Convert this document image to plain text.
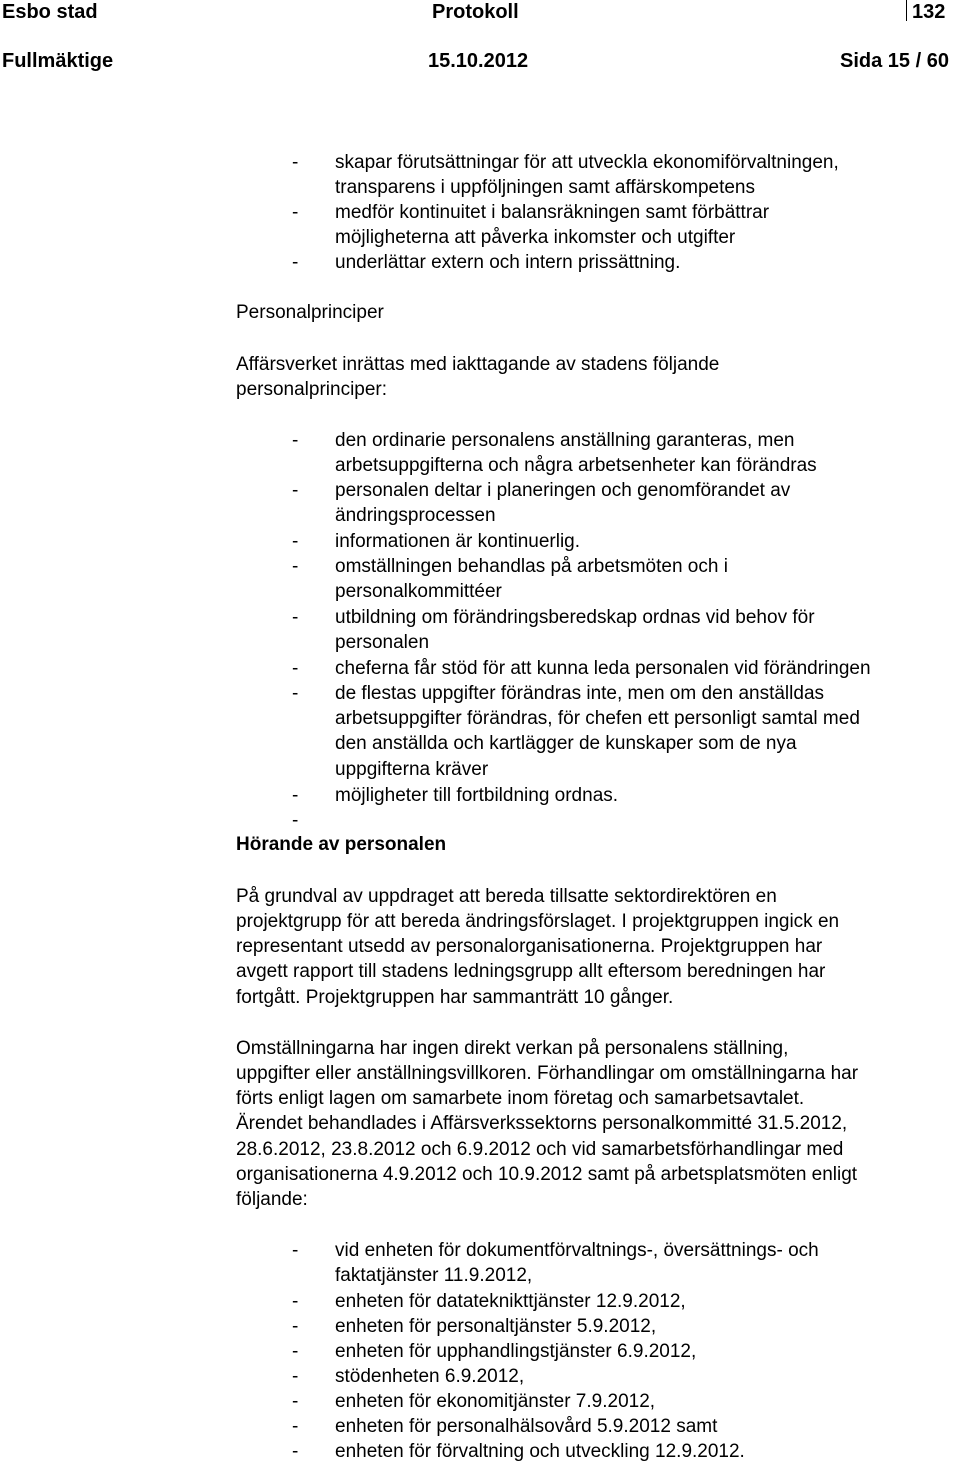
Esbo stad	Protokoll	132
Fullmäktige	15.10.2012	Sida 15 / 60
- skapar förutsättningar för att utveckla ekonomiförvaltningen,
transparens i uppföljningen samt affärskompetens
- medför kontinuitet i balansräkningen samt förbättrar
möjligheterna att påverka inkomster och utgifter
- underlättar extern och intern prissättning.
Personalprinciper
Affärsverket inrättas med iakttagande av stadens följande
personalprinciper:
- den ordinarie personalens anställning garanteras, men
arbetsuppgifterna och några arbetsenheter kan förändras
- personalen deltar i planeringen och genomförandet av
ändringsprocessen
- informationen är kontinuerlig.
- omställningen behandlas på arbetsmöten och i
personalkommittéer
- utbildning om förändringsberedskap ordnas vid behov för
personalen
- cheferna får stöd för att kunna leda personalen vid förändringen
- de flestas uppgifter förändras inte, men om den anställdas
arbetsuppgifter förändras, för chefen ett personligt samtal med
den anställda och kartlägger de kunskaper som de nya
uppgifterna kräver
- möjligheter till fortbildning ordnas.
-
Hörande av personalen
På grundval av uppdraget att bereda tillsatte sektordirektören en
projektgrupp för att bereda ändringsförslaget. I projektgruppen ingick en
representant utsedd av personalorganisationerna. Projektgruppen har
avgett rapport till stadens ledningsgrupp allt eftersom beredningen har
fortgått. Projektgruppen har sammanträtt 10 gånger.
Omställningarna har ingen direkt verkan på personalens ställning,
uppgifter eller anställningsvillkoren. Förhandlingar om omställningarna har
förts enligt lagen om samarbete inom företag och samarbetsavtalet.
Ärendet behandlades i Affärsverkssektorns personalkommitté 31.5.2012,
28.6.2012, 23.8.2012 och 6.9.2012 och vid samarbetsförhandlingar med
organisationerna 4.9.2012 och 10.9.2012 samt på arbetsplatsmöten enligt
följande:
- vid enheten för dokumentförvaltnings-, översättnings- och
faktatjänster 11.9.2012,
- enheten för datateknikttjänster 12.9.2012,
- enheten för personaltjänster 5.9.2012,
- enheten för upphandlingstjänster 6.9.2012,
- stödenheten 6.9.2012,
- enheten för ekonomitjänster 7.9.2012,
- enheten för personalhälsovård 5.9.2012 samt
- enheten för förvaltning och utveckling 12.9.2012.
